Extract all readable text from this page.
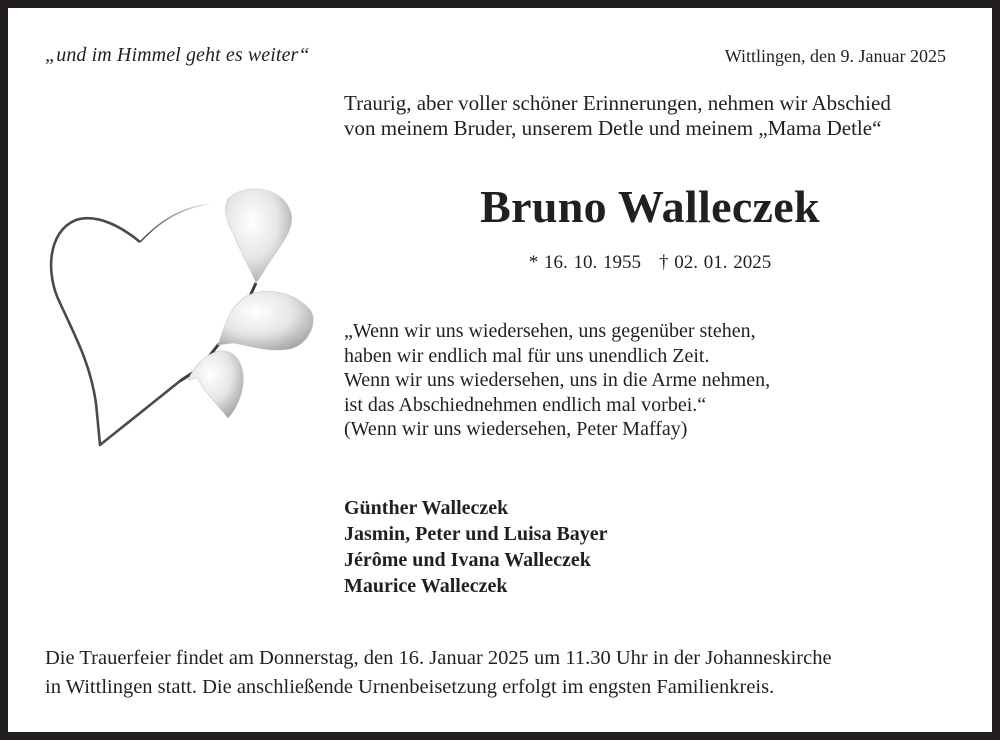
„und im Himmel geht es weiter“	Wittlingen, den 9. Januar 2025
Traurig, aber voller schöner Erinnerungen, nehmen wir Abschied
von meinem Bruder, unserem Detle und meinem „Mama Detle“
Bruno Walleczek
* 16. 10. 1955 † 02. 01. 2025
„Wenn wir uns wiedersehen, uns gegenüber stehen,
haben wir endlich mal für uns unendlich Zeit.
Wenn wir uns wiedersehen, uns in die Arme nehmen,
ist das Abschiednehmen endlich mal vorbei.“
(Wenn wir uns wiedersehen, Peter Maffay)
Günther Walleczek
Jasmin, Peter und Luisa Bayer
Jérôme und Ivana Walleczek
Maurice Walleczek
Die Trauerfeier findet am Donnerstag, den 16. Januar 2025 um 11.30 Uhr in der Johanneskirche
in Wittlingen statt. Die anschließende Urnenbeisetzung erfolgt im engsten Familienkreis.
